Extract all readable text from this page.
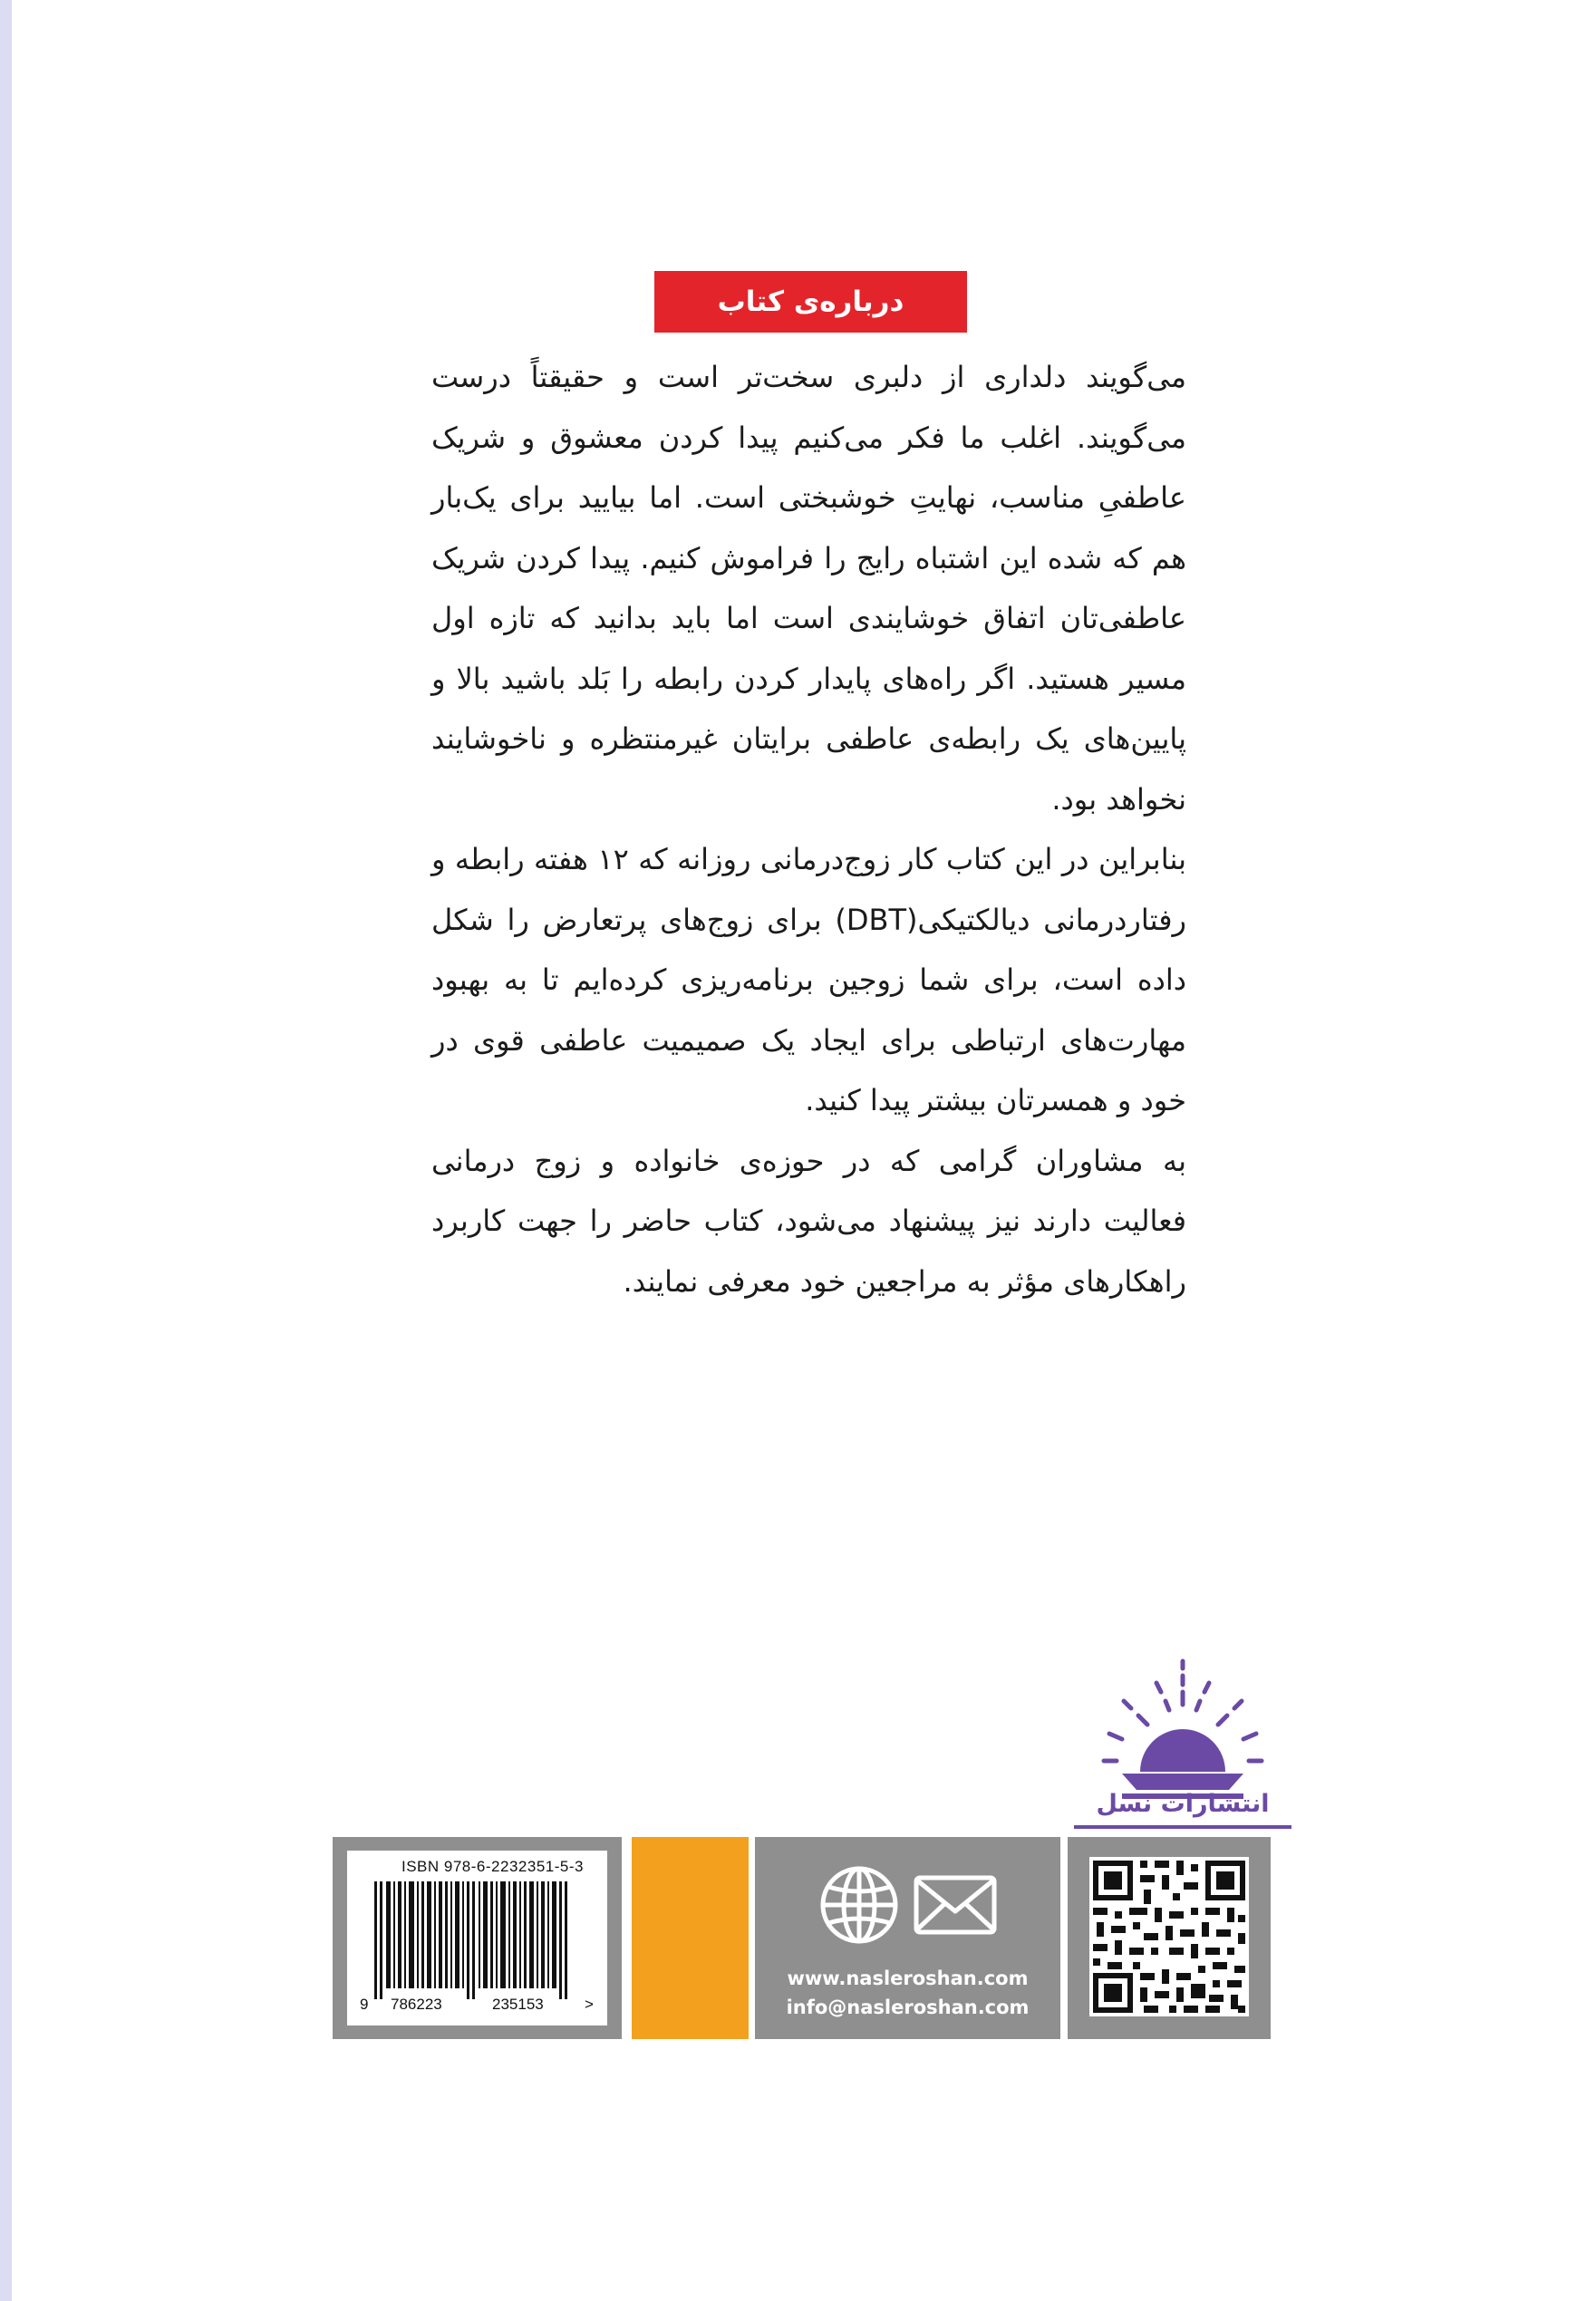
درباره‌ی کتاب

می‌گویند دلداری از دلبری سخت‌تر است و حقیقتاً درست می‌گویند. اغلب ما فکر می‌کنیم پیدا کردن معشوق و شریک عاطفیِ مناسب، نهایتِ خوشبختی است. اما بیایید برای یک‌بار هم که شده این اشتباه رایج را فراموش کنیم. پیدا کردن شریک عاطفی‌تان اتفاق خوشایندی است اما باید بدانید که تازه اول مسیر هستید. اگر راه‌های پایدار کردن رابطه را بَلد باشید بالا و پایین‌های یک رابطه‌ی عاطفی برایتان غیرمنتظره و ناخوشایند نخواهد بود.

بنابراین در این کتاب کار زوج‌درمانی روزانه که ۱۲ هفته رابطه و رفتاردرمانی دیالکتیکی(DBT) برای زوج‌های پرتعارض را شکل داده است، برای شما زوجین برنامه‌ریزی کرده‌ایم تا به بهبود مهارت‌های ارتباطی برای ایجاد یک صمیمیت عاطفی قوی در خود و همسرتان بیشتر پیدا کنید.

به مشاوران گرامی که در حوزه‌ی خانواده و زوج درمانی فعالیت دارند نیز پیشنهاد می‌شود، کتاب حاضر را جهت کاربرد راهکارهای مؤثر به مراجعین خود معرفی نمایند.

انتشارات نسل
ISBN 978-6-2232351-5-3
9 786223	235153	>
www.nasleroshan.com
info@nasleroshan.com
